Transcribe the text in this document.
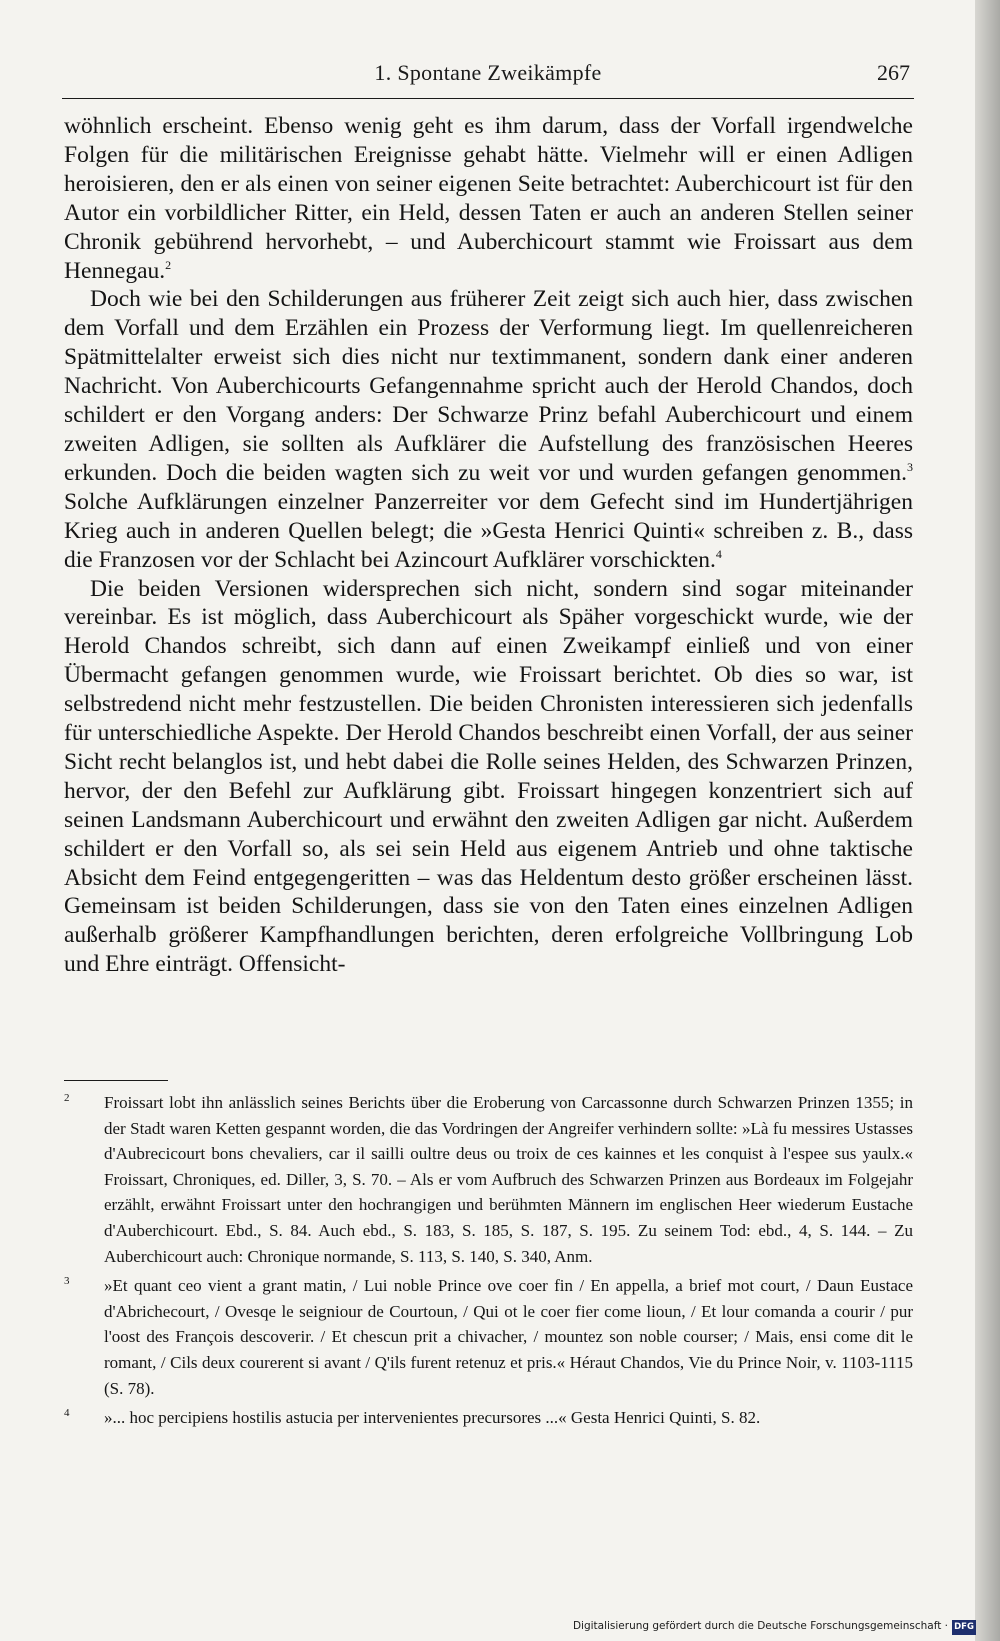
1. Spontane Zweikämpfe	267

wöhnlich erscheint. Ebenso wenig geht es ihm darum, dass der Vorfall irgendwelche Folgen für die militärischen Ereignisse gehabt hätte. Vielmehr will er einen Adligen heroisieren, den er als einen von seiner eigenen Seite betrachtet: Auberchicourt ist für den Autor ein vorbildlicher Ritter, ein Held, dessen Taten er auch an anderen Stellen seiner Chronik gebührend hervorhebt, – und Auberchicourt stammt wie Froissart aus dem Hennegau.$^2$

Doch wie bei den Schilderungen aus früherer Zeit zeigt sich auch hier, dass zwischen dem Vorfall und dem Erzählen ein Prozess der Verformung liegt. Im quellenreicheren Spätmittelalter erweist sich dies nicht nur textimmanent, sondern dank einer anderen Nachricht. Von Auberchicourts Gefangennahme spricht auch der Herold Chandos, doch schildert er den Vorgang anders: Der Schwarze Prinz befahl Auberchicourt und einem zweiten Adligen, sie sollten als Aufklärer die Aufstellung des französischen Heeres erkunden. Doch die beiden wagten sich zu weit vor und wurden gefangen genommen.$^3$ Solche Aufklärungen einzelner Panzerreiter vor dem Gefecht sind im Hundertjährigen Krieg auch in anderen Quellen belegt; die »Gesta Henrici Quinti« schreiben z. B., dass die Franzosen vor der Schlacht bei Azincourt Aufklärer vorschickten.$^4$

Die beiden Versionen widersprechen sich nicht, sondern sind sogar miteinander vereinbar. Es ist möglich, dass Auberchicourt als Späher vorgeschickt wurde, wie der Herold Chandos schreibt, sich dann auf einen Zweikampf einließ und von einer Übermacht gefangen genommen wurde, wie Froissart berichtet. Ob dies so war, ist selbstredend nicht mehr festzustellen. Die beiden Chronisten interessieren sich jedenfalls für unterschiedliche Aspekte. Der Herold Chandos beschreibt einen Vorfall, der aus seiner Sicht recht belanglos ist, und hebt dabei die Rolle seines Helden, des Schwarzen Prinzen, hervor, der den Befehl zur Aufklärung gibt. Froissart hingegen konzentriert sich auf seinen Landsmann Auberchicourt und erwähnt den zweiten Adligen gar nicht. Außerdem schildert er den Vorfall so, als sei sein Held aus eigenem Antrieb und ohne taktische Absicht dem Feind entgegengeritten – was das Heldentum desto größer erscheinen lässt. Gemeinsam ist beiden Schilderungen, dass sie von den Taten eines einzelnen Adligen außerhalb größerer Kampfhandlungen berichten, deren erfolgreiche Vollbringung Lob und Ehre einträgt. Offensicht-

2 Froissart lobt ihn anlässlich seines Berichts über die Eroberung von Carcassonne durch Schwarzen Prinzen 1355; in der Stadt waren Ketten gespannt worden, die das Vordringen der Angreifer verhindern sollte: »Là fu messires Ustasses d'Aubrecicourt bons chevaliers, car il sailli oultre deus ou troix de ces kainnes et les conquist à l'espee sus yaulx.« Froissart, Chroniques, ed. Diller, 3, S. 70. – Als er vom Aufbruch des Schwarzen Prinzen aus Bordeaux im Folgejahr erzählt, erwähnt Froissart unter den hochrangigen und berühmten Männern im englischen Heer wiederum Eustache d'Auberchicourt. Ebd., S. 84. Auch ebd., S. 183, S. 185, S. 187, S. 195. Zu seinem Tod: ebd., 4, S. 144. – Zu Auberchicourt auch: Chronique normande, S. 113, S. 140, S. 340, Anm.
3 »Et quant ceo vient a grant matin, / Lui noble Prince ove coer fin / En appella, a brief mot court, / Daun Eustace d'Abrichecourt, / Ovesqe le seigniour de Courtoun, / Qui ot le coer fier come lioun, / Et lour comanda a courir / pur l'oost des François descoverir. / Et chescun prit a chivacher, / mountez son noble courser; / Mais, ensi come dit le romant, / Cils deux courerent si avant / Q'ils furent retenuz et pris.« Héraut Chandos, Vie du Prince Noir, v. 1103-1115 (S. 78).
4 »... hoc percipiens hostilis astucia per intervenientes precursores ...« Gesta Henrici Quinti, S. 82.
Digitalisierung gefördert durch die Deutsche Forschungsgemeinschaft · DFG
